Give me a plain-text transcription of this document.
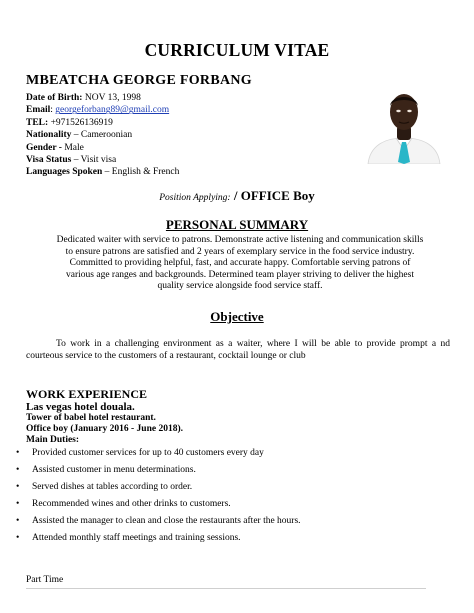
CURRICULUM VITAE
MBEATCHA GEORGE FORBANG
Date of Birth: NOV 13, 1998
Email: georgeforbang89@gmail.com
TEL: +971526136919
Nationality – Cameroonian
Gender - Male
Visa Status – Visit visa
Languages Spoken – English & French
Position Applying: / OFFICE Boy
PERSONAL SUMMARY
Dedicated waiter with service to patrons. Demonstrate active listening and communication skills to ensure patrons are satisfied and 2 years of exemplary service in the food service industry. Committed to providing helpful, fast, and accurate happy. Comfortable serving patrons of various age ranges and backgrounds. Determined team player striving to deliver the highest quality service alongside food service staff.
Objective
To work in a challenging environment as a waiter, where I will be able to provide prompt a nd courteous service to the customers of a restaurant, cocktail lounge or club
WORK EXPERIENCE
Las vegas hotel douala.
Tower of babel hotel restaurant.
Office boy (January 2016 - June 2018).
Main Duties:
• Provided customer services for up to 40 customers every day
• Assisted customer in menu determinations.
• Served dishes at tables according to order.
• Recommended wines and other drinks to customers.
• Assisted the manager to clean and close the restaurants after the hours.
• Attended monthly staff meetings and training sessions.
Part Time
